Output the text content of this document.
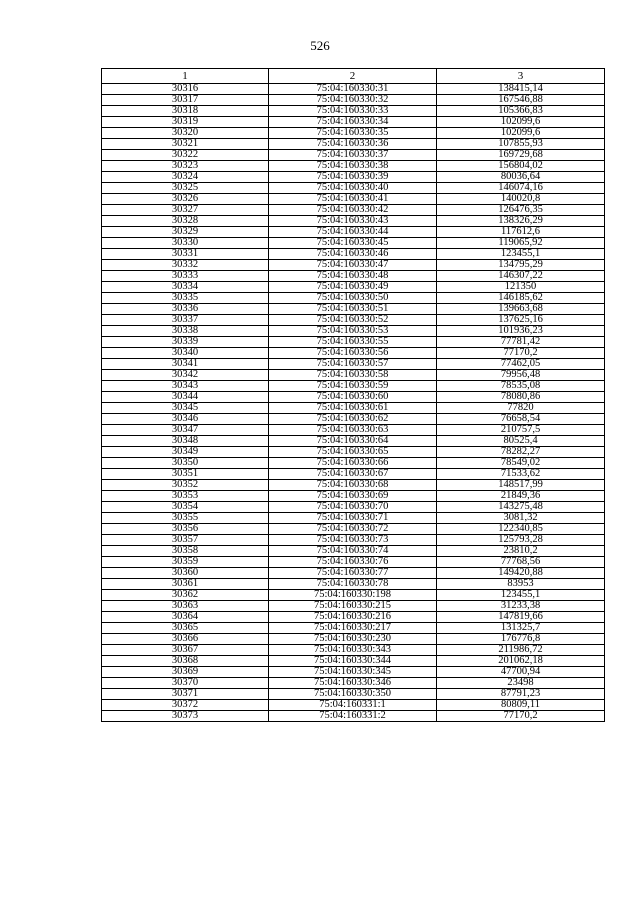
526
1	2	3
30316	75:04:160330:31	138415,14
30317	75:04:160330:32	167546,88
30318	75:04:160330:33	105366,83
30319	75:04:160330:34	102099,6
30320	75:04:160330:35	102099,6
30321	75:04:160330:36	107855,93
30322	75:04:160330:37	169729,68
30323	75:04:160330:38	156804,02
30324	75:04:160330:39	80036,64
30325	75:04:160330:40	146074,16
30326	75:04:160330:41	140020,8
30327	75:04:160330:42	126476,35
30328	75:04:160330:43	138326,29
30329	75:04:160330:44	117612,6
30330	75:04:160330:45	119065,92
30331	75:04:160330:46	123455,1
30332	75:04:160330:47	134795,29
30333	75:04:160330:48	146307,22
30334	75:04:160330:49	121350
30335	75:04:160330:50	146185,62
30336	75:04:160330:51	139663,68
30337	75:04:160330:52	137625,16
30338	75:04:160330:53	101936,23
30339	75:04:160330:55	77781,42
30340	75:04:160330:56	77170,2
30341	75:04:160330:57	77462,05
30342	75:04:160330:58	79956,48
30343	75:04:160330:59	78535,08
30344	75:04:160330:60	78080,86
30345	75:04:160330:61	77820
30346	75:04:160330:62	76658,54
30347	75:04:160330:63	210757,5
30348	75:04:160330:64	80525,4
30349	75:04:160330:65	78282,27
30350	75:04:160330:66	78549,02
30351	75:04:160330:67	71533,62
30352	75:04:160330:68	148517,99
30353	75:04:160330:69	21849,36
30354	75:04:160330:70	143275,48
30355	75:04:160330:71	3081,32
30356	75:04:160330:72	122340,85
30357	75:04:160330:73	125793,28
30358	75:04:160330:74	23810,2
30359	75:04:160330:76	77768,56
30360	75:04:160330:77	149420,88
30361	75:04:160330:78	83953
30362	75:04:160330:198	123455,1
30363	75:04:160330:215	31233,38
30364	75:04:160330:216	147819,66
30365	75:04:160330:217	131325,7
30366	75:04:160330:230	176776,8
30367	75:04:160330:343	211986,72
30368	75:04:160330:344	201062,18
30369	75:04:160330:345	47700,94
30370	75:04:160330:346	23498
30371	75:04:160330:350	87791,23
30372	75:04:160331:1	80809,11
30373	75:04:160331:2	77170,2
